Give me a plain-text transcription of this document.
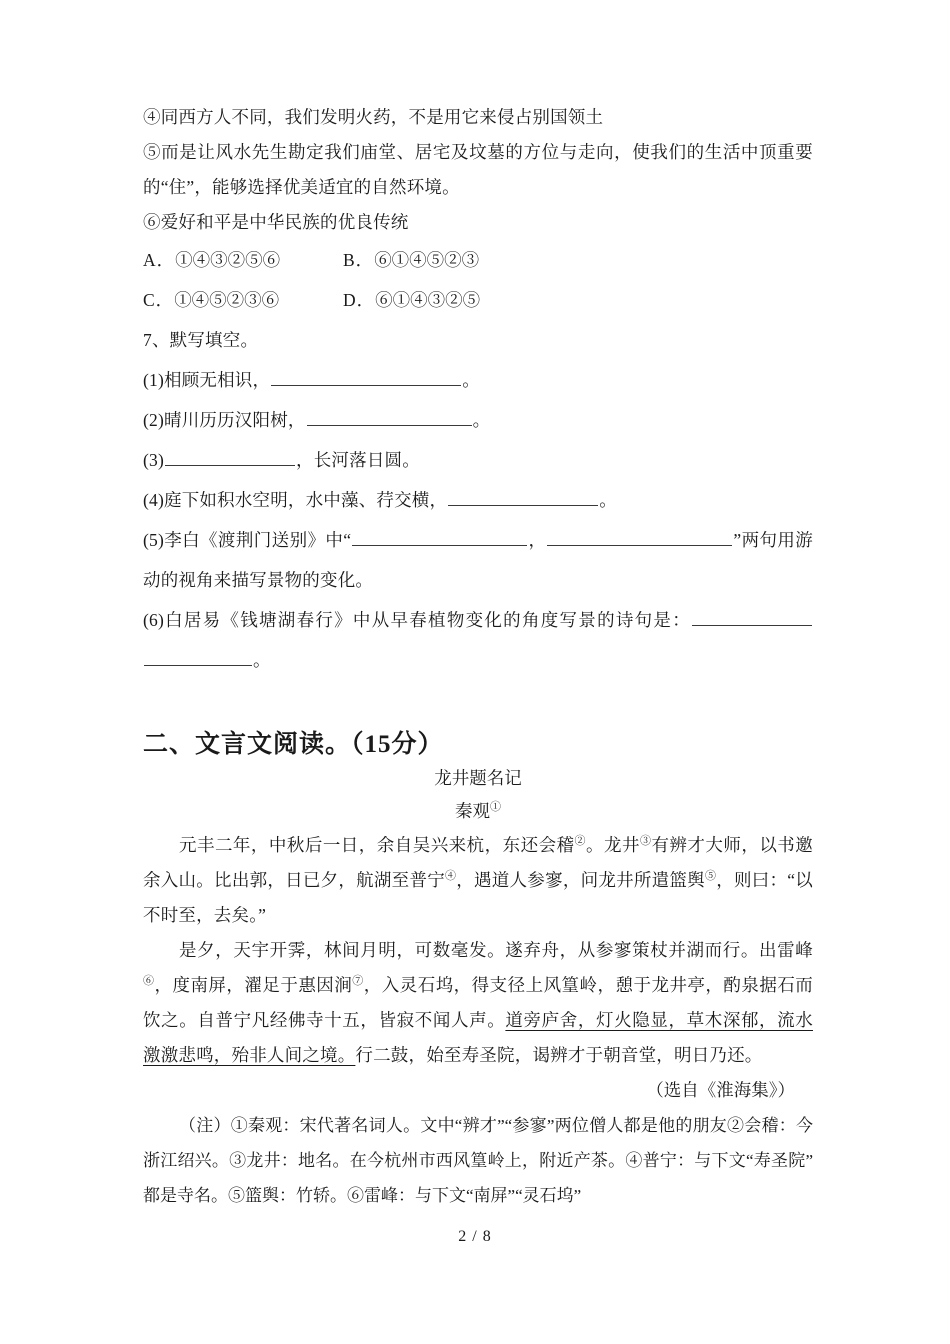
④同西方人不同，我们发明火药，不是用它来侵占别国领土

⑤而是让风水先生勘定我们庙堂、居宅及坟墓的方位与走向，使我们的生活中顶重要的“住”，能够选择优美适宜的自然环境。

⑥爱好和平是中华民族的优良传统

A．①④③②⑤⑥	B．⑥①④⑤②③
C．①④⑤②③⑥	D．⑥①④③②⑤

7、默写填空。

(1)相顾无相识，	。

(2)晴川历历汉阳树，	。

(3)	，长河落日圆。

(4)庭下如积水空明，水中藻、荇交横，	。

(5)李白《渡荆门送别》中“	，	”两句用游动的视角来描写景物的变化。

(6)白居易《钱塘湖春行》中从早春植物变化的角度写景的诗句是：。

二、文言文阅读。（15分）

龙井题名记

秦观①

元丰二年，中秋后一日，余自吴兴来杭，东还会稽②。龙井③有辨才大师，以书邀余入山。比出郭，日已夕，航湖至普宁④，遇道人参寥，问龙井所遣篮舆⑤，则曰：“以不时至，去矣。”

是夕，天宇开霁，林间月明，可数毫发。遂弃舟，从参寥策杖并湖而行。出雷峰⑥，度南屏，濯足于惠因涧⑦，入灵石坞，得支径上风篁岭，憩于龙井亭，酌泉据石而饮之。自普宁凡经佛寺十五，皆寂不闻人声。道旁庐舍，灯火隐显，草木深郁，流水激激悲鸣，殆非人间之境。行二鼓，始至寿圣院，谒辨才于朝音堂，明日乃还。

（选自《淮海集》）

（注）①秦观：宋代著名词人。文中“辨才”“参寥”两位僧人都是他的朋友②会稽：今浙江绍兴。③龙井：地名。在今杭州市西风篁岭上，附近产茶。④普宁：与下文“寿圣院”都是寺名。⑤篮舆：竹轿。⑥雷峰：与下文“南屏”“灵石坞”

2 / 8
